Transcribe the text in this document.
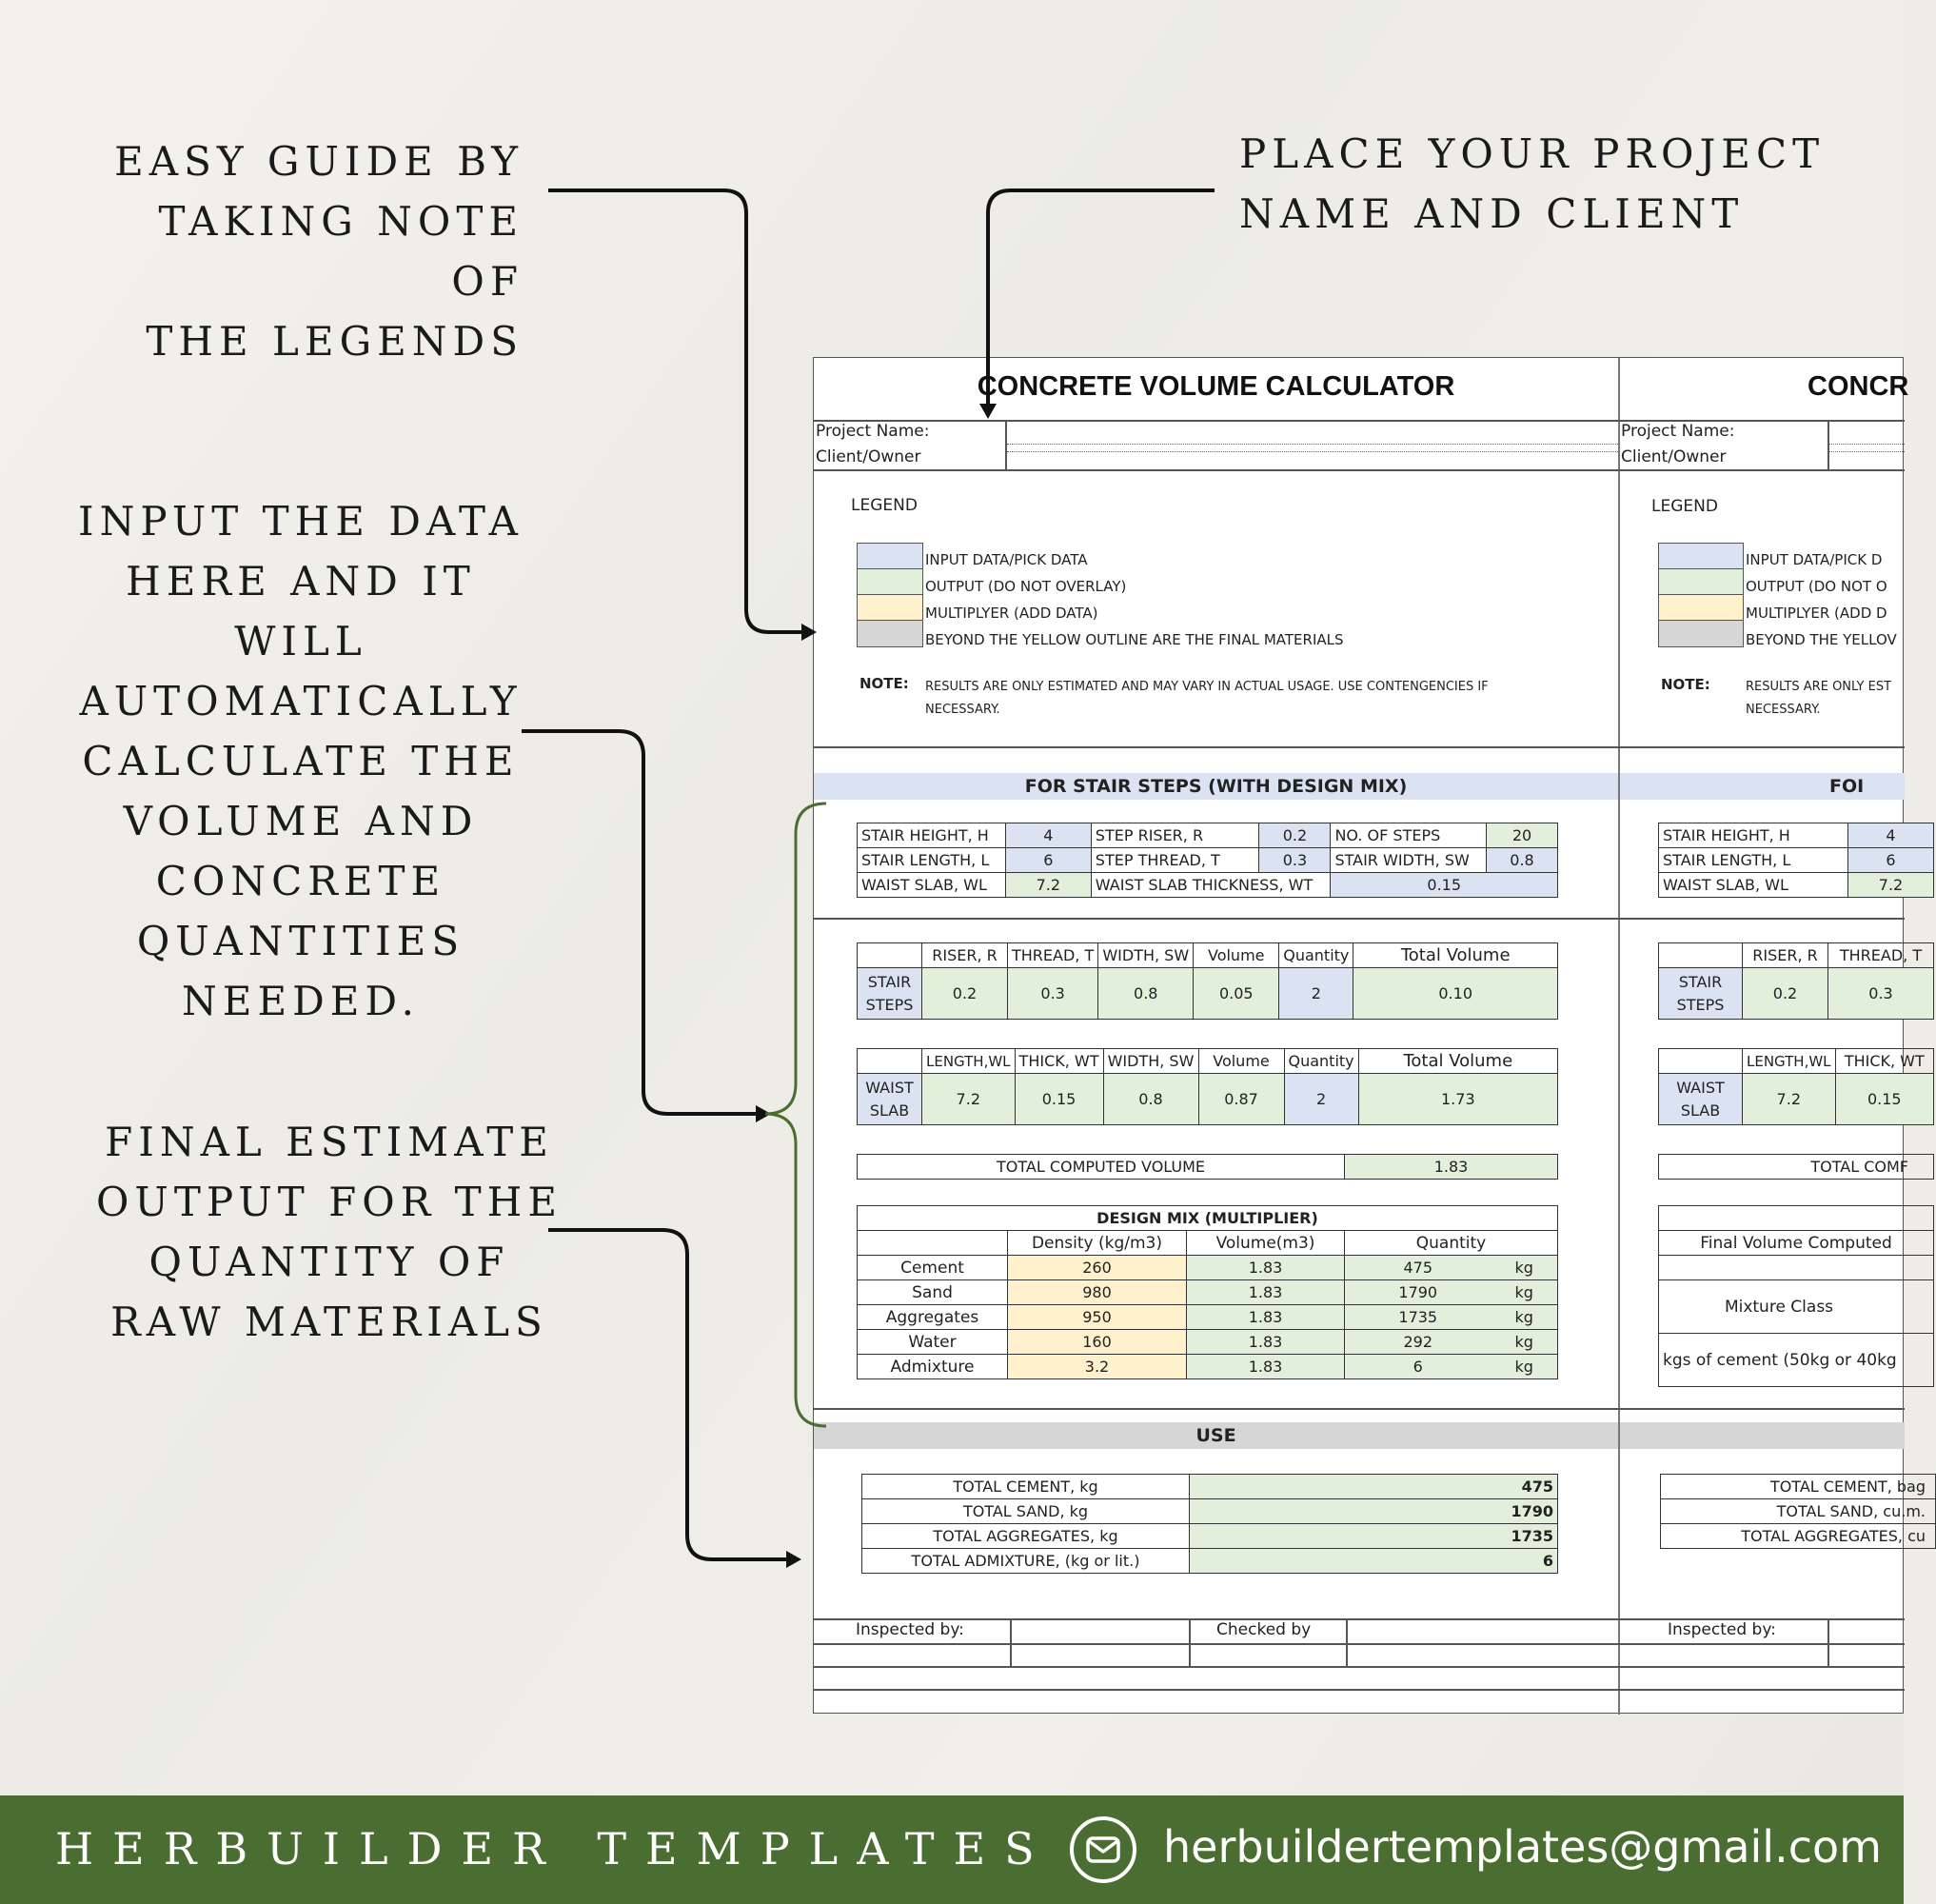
EASY GUIDE BY
TAKING NOTE OF
THE LEGENDS
PLACE YOUR PROJECT
NAME AND CLIENT
INPUT THE DATA
HERE AND IT WILL
AUTOMATICALLY
CALCULATE THE
VOLUME AND
CONCRETE
QUANTITIES
NEEDED.
FINAL ESTIMATE
OUTPUT FOR THE
QUANTITY OF
RAW MATERIALS
CONCRETE VOLUME CALCULATOR	CONCR
Project Name:
Client/Owner
Project Name:
Client/Owner
LEGEND
INPUT DATA/PICK DATA
OUTPUT (DO NOT OVERLAY)
MULTIPLYER (ADD DATA)
BEYOND THE YELLOW OUTLINE ARE THE FINAL MATERIALS
NOTE: RESULTS ARE ONLY ESTIMATED AND MAY VARY IN ACTUAL USAGE. USE CONTENGENCIES IF
NECESSARY.
LEGEND
INPUT DATA/PICK D
OUTPUT (DO NOT O
MULTIPLYER (ADD D
BEYOND THE YELLOV
NOTE:	RESULTS ARE ONLY EST
NECESSARY.
FOR STAIR STEPS (WITH DESIGN MIX)	FOI
STAIR HEIGHT, H	4	STEP RISER, R	0.2	NO. OF STEPS	20
STAIR LENGTH, L	6	STEP THREAD, T	0.3	STAIR WIDTH, SW	0.8
WAIST SLAB, WL	7.2	WAIST SLAB THICKNESS, WT		0.15	
STAIR HEIGHT, H	4
STAIR LENGTH, L	6
WAIST SLAB, WL	7.2
	RISER, R	THREAD, T	WIDTH, SW	Volume	Quantity	Total Volume

STAIR
STEPS	0.2	0.3	0.8	0.05	2	0.10
	RISER, R	THREAD, T

STAIR
STEPS	0.2	0.3
	LENGTH,WL	THICK, WT	WIDTH, SW	Volume	Quantity	Total Volume

WAIST
SLAB	7.2	0.15	0.8	0.87	2	1.73
	LENGTH,WL	THICK, WT

WAIST
SLAB	7.2	0.15
TOTAL COMPUTED VOLUME	1.83	TOTAL COMF
DESIGN MIX (MULTIPLIER)				
	Density (kg/m3)	Volume(m3)	Quantity	
Cement	260	1.83	475	kg
Sand	980	1.83	1790	kg
Aggregates	950	1.83	1735	kg
Water	160	1.83	292	kg
Admixture	3.2	1.83	6	kg

Final Volume Computed

Mixture Class
kgs of cement (50kg or 40kg
USE
TOTAL CEMENT, kg	475
TOTAL SAND, kg	1790
TOTAL AGGREGATES, kg	1735
TOTAL ADMIXTURE, (kg or lit.)	6
TOTAL CEMENT, bag
TOTAL SAND, cu.m.
TOTAL AGGREGATES, cu
Inspected by:	Checked by	Inspected by:
HERBUILDER TEMPLATES	herbuildertemplates@gmail.com
